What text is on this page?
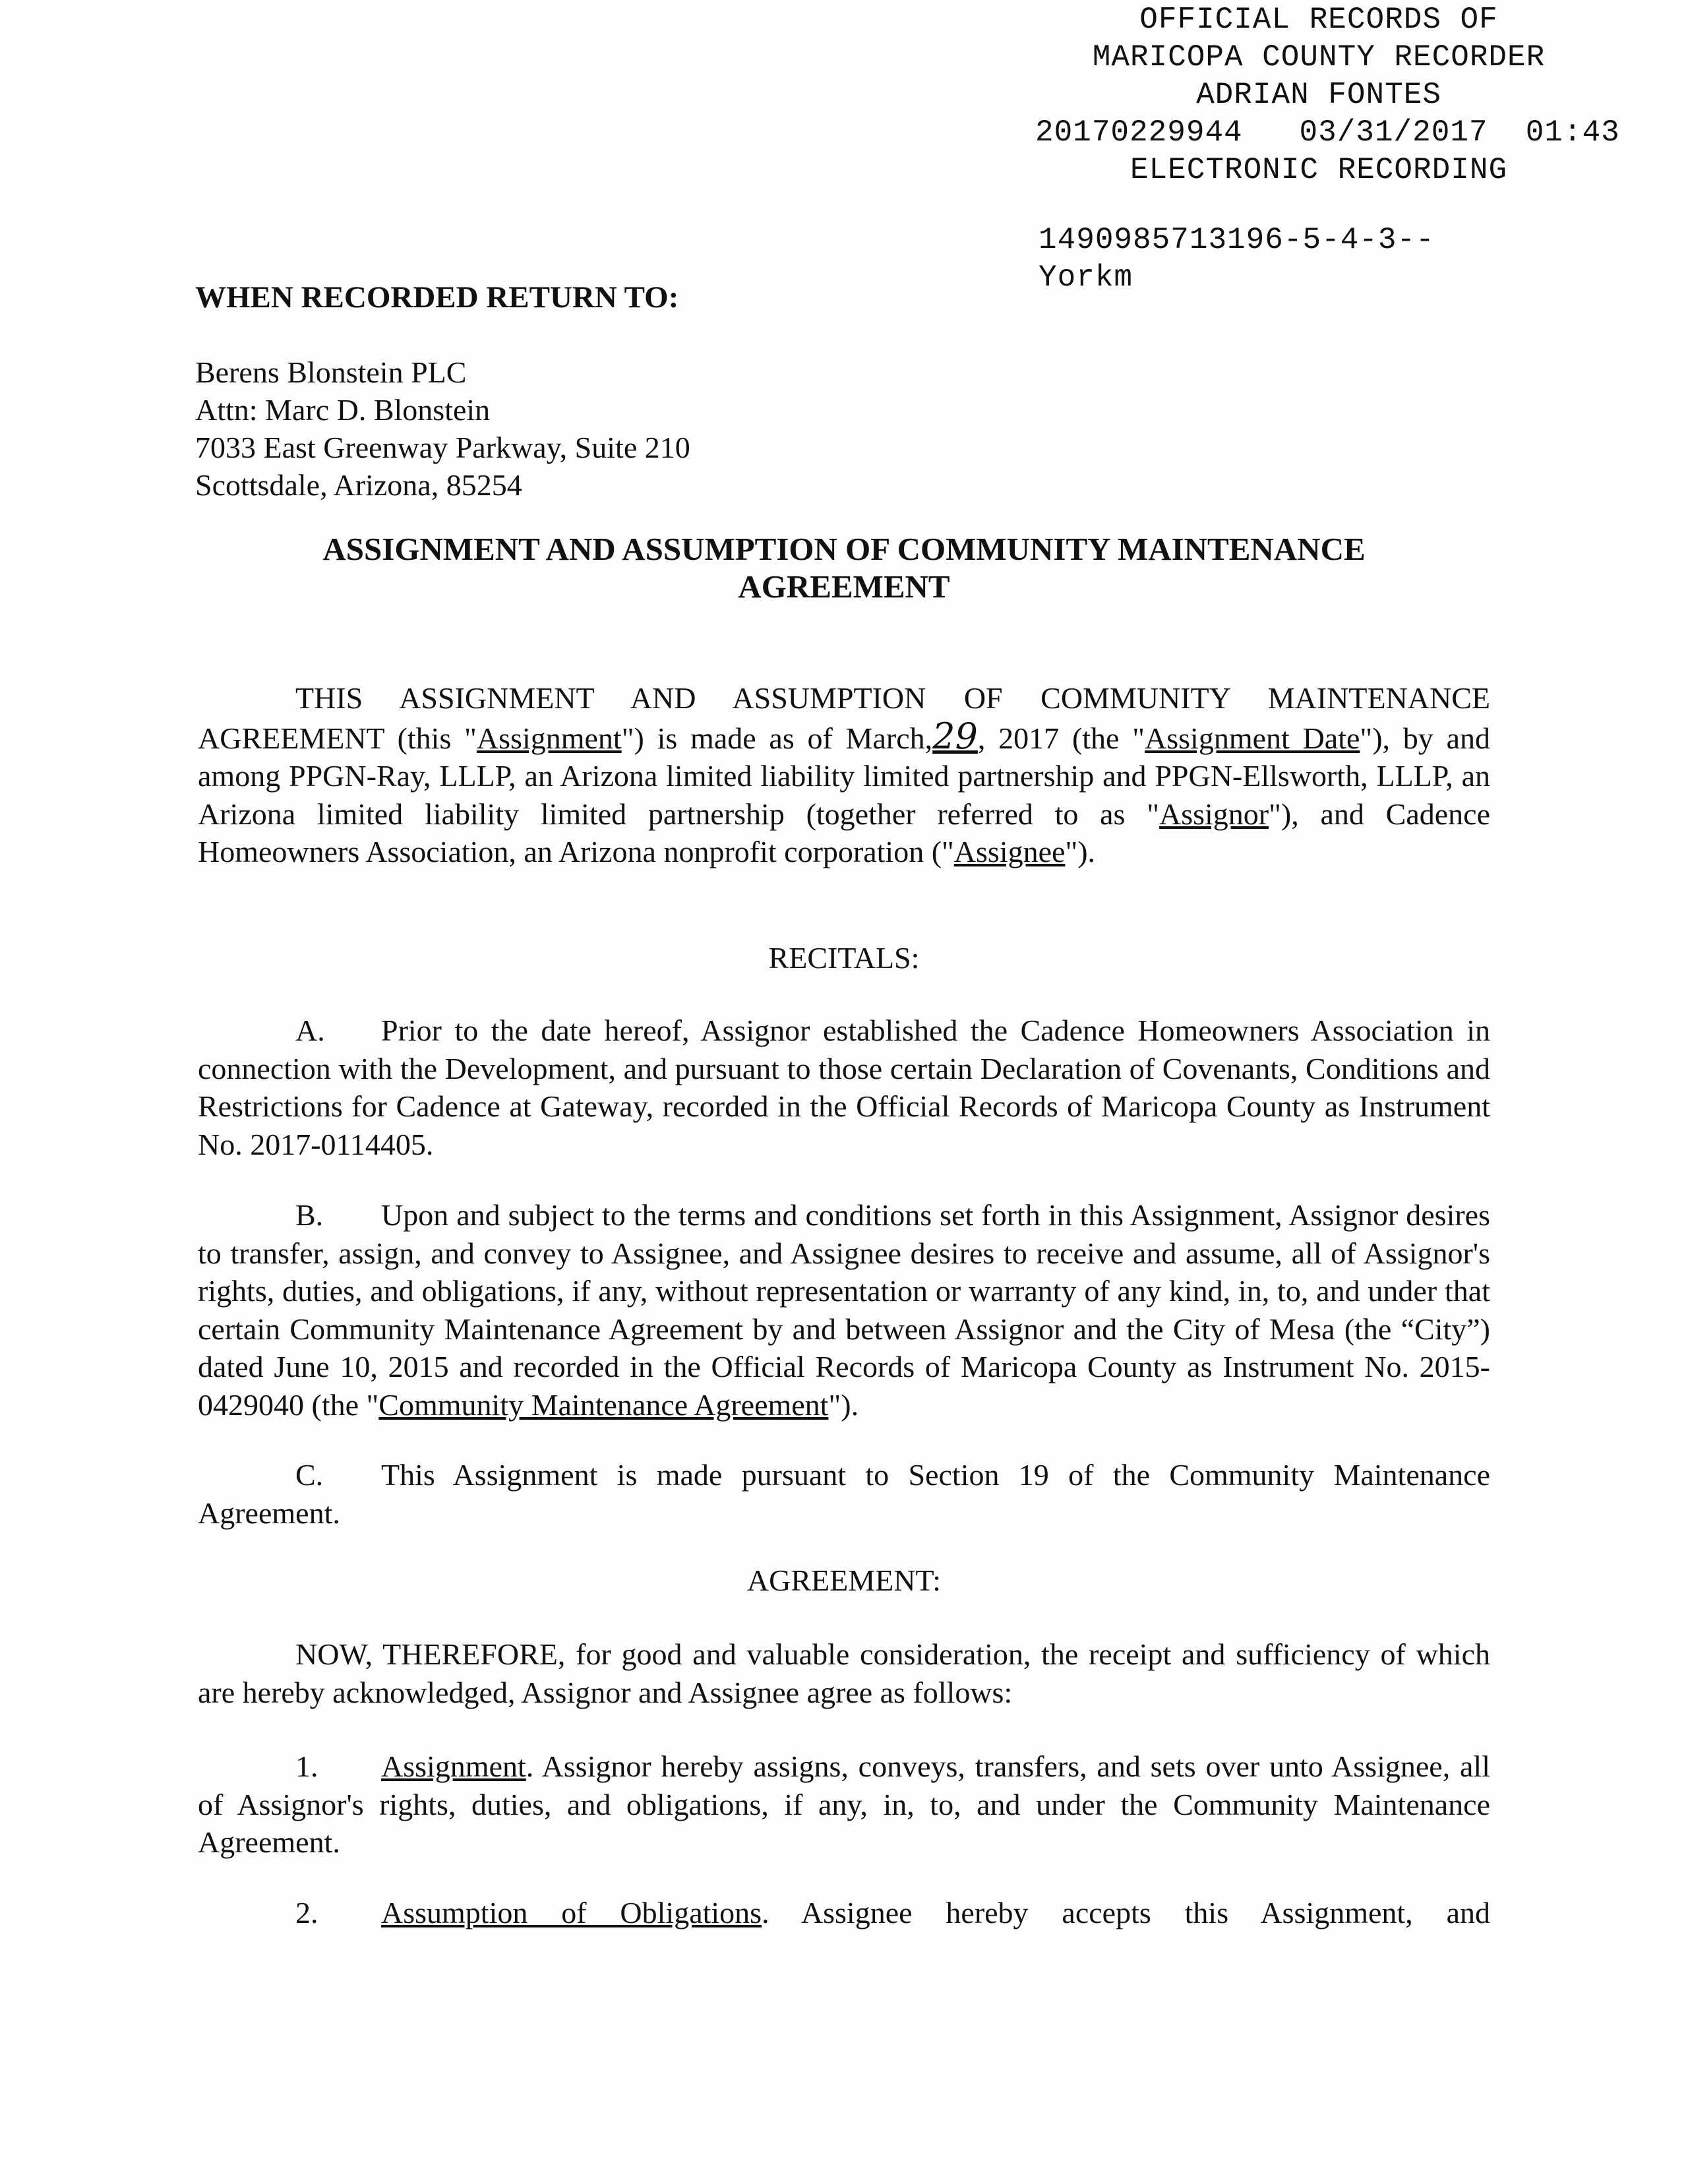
OFFICIAL RECORDS OF
MARICOPA COUNTY RECORDER
ADRIAN FONTES
20170229944 03/31/2017 01:43
ELECTRONIC RECORDING
1490985713196-5-4-3--
Yorkm
WHEN RECORDED RETURN TO:
Berens Blonstein PLC
Attn: Marc D. Blonstein
7033 East Greenway Parkway, Suite 210
Scottsdale, Arizona, 85254
ASSIGNMENT AND ASSUMPTION OF COMMUNITY MAINTENANCE
AGREEMENT
THIS ASSIGNMENT AND ASSUMPTION OF COMMUNITY MAINTENANCE AGREEMENT (this "Assignment") is made as of March,29, 2017 (the "Assignment Date"), by and among PPGN-Ray, LLLP, an Arizona limited liability limited partnership and PPGN-Ellsworth, LLLP, an Arizona limited liability limited partnership (together referred to as "Assignor"), and Cadence Homeowners Association, an Arizona nonprofit corporation ("Assignee").
RECITALS:
A. Prior to the date hereof, Assignor established the Cadence Homeowners Association in connection with the Development, and pursuant to those certain Declaration of Covenants, Conditions and Restrictions for Cadence at Gateway, recorded in the Official Records of Maricopa County as Instrument No. 2017-0114405.
B. Upon and subject to the terms and conditions set forth in this Assignment, Assignor desires to transfer, assign, and convey to Assignee, and Assignee desires to receive and assume, all of Assignor's rights, duties, and obligations, if any, without representation or warranty of any kind, in, to, and under that certain Community Maintenance Agreement by and between Assignor and the City of Mesa (the “City”) dated June 10, 2015 and recorded in the Official Records of Maricopa County as Instrument No. 2015-0429040 (the "Community Maintenance Agreement").
C. This Assignment is made pursuant to Section 19 of the Community Maintenance Agreement.
AGREEMENT:
NOW, THEREFORE, for good and valuable consideration, the receipt and sufficiency of which are hereby acknowledged, Assignor and Assignee agree as follows:
1. Assignment. Assignor hereby assigns, conveys, transfers, and sets over unto Assignee, all of Assignor's rights, duties, and obligations, if any, in, to, and under the Community Maintenance Agreement.
2. Assumption of Obligations. Assignee hereby accepts this Assignment, and
